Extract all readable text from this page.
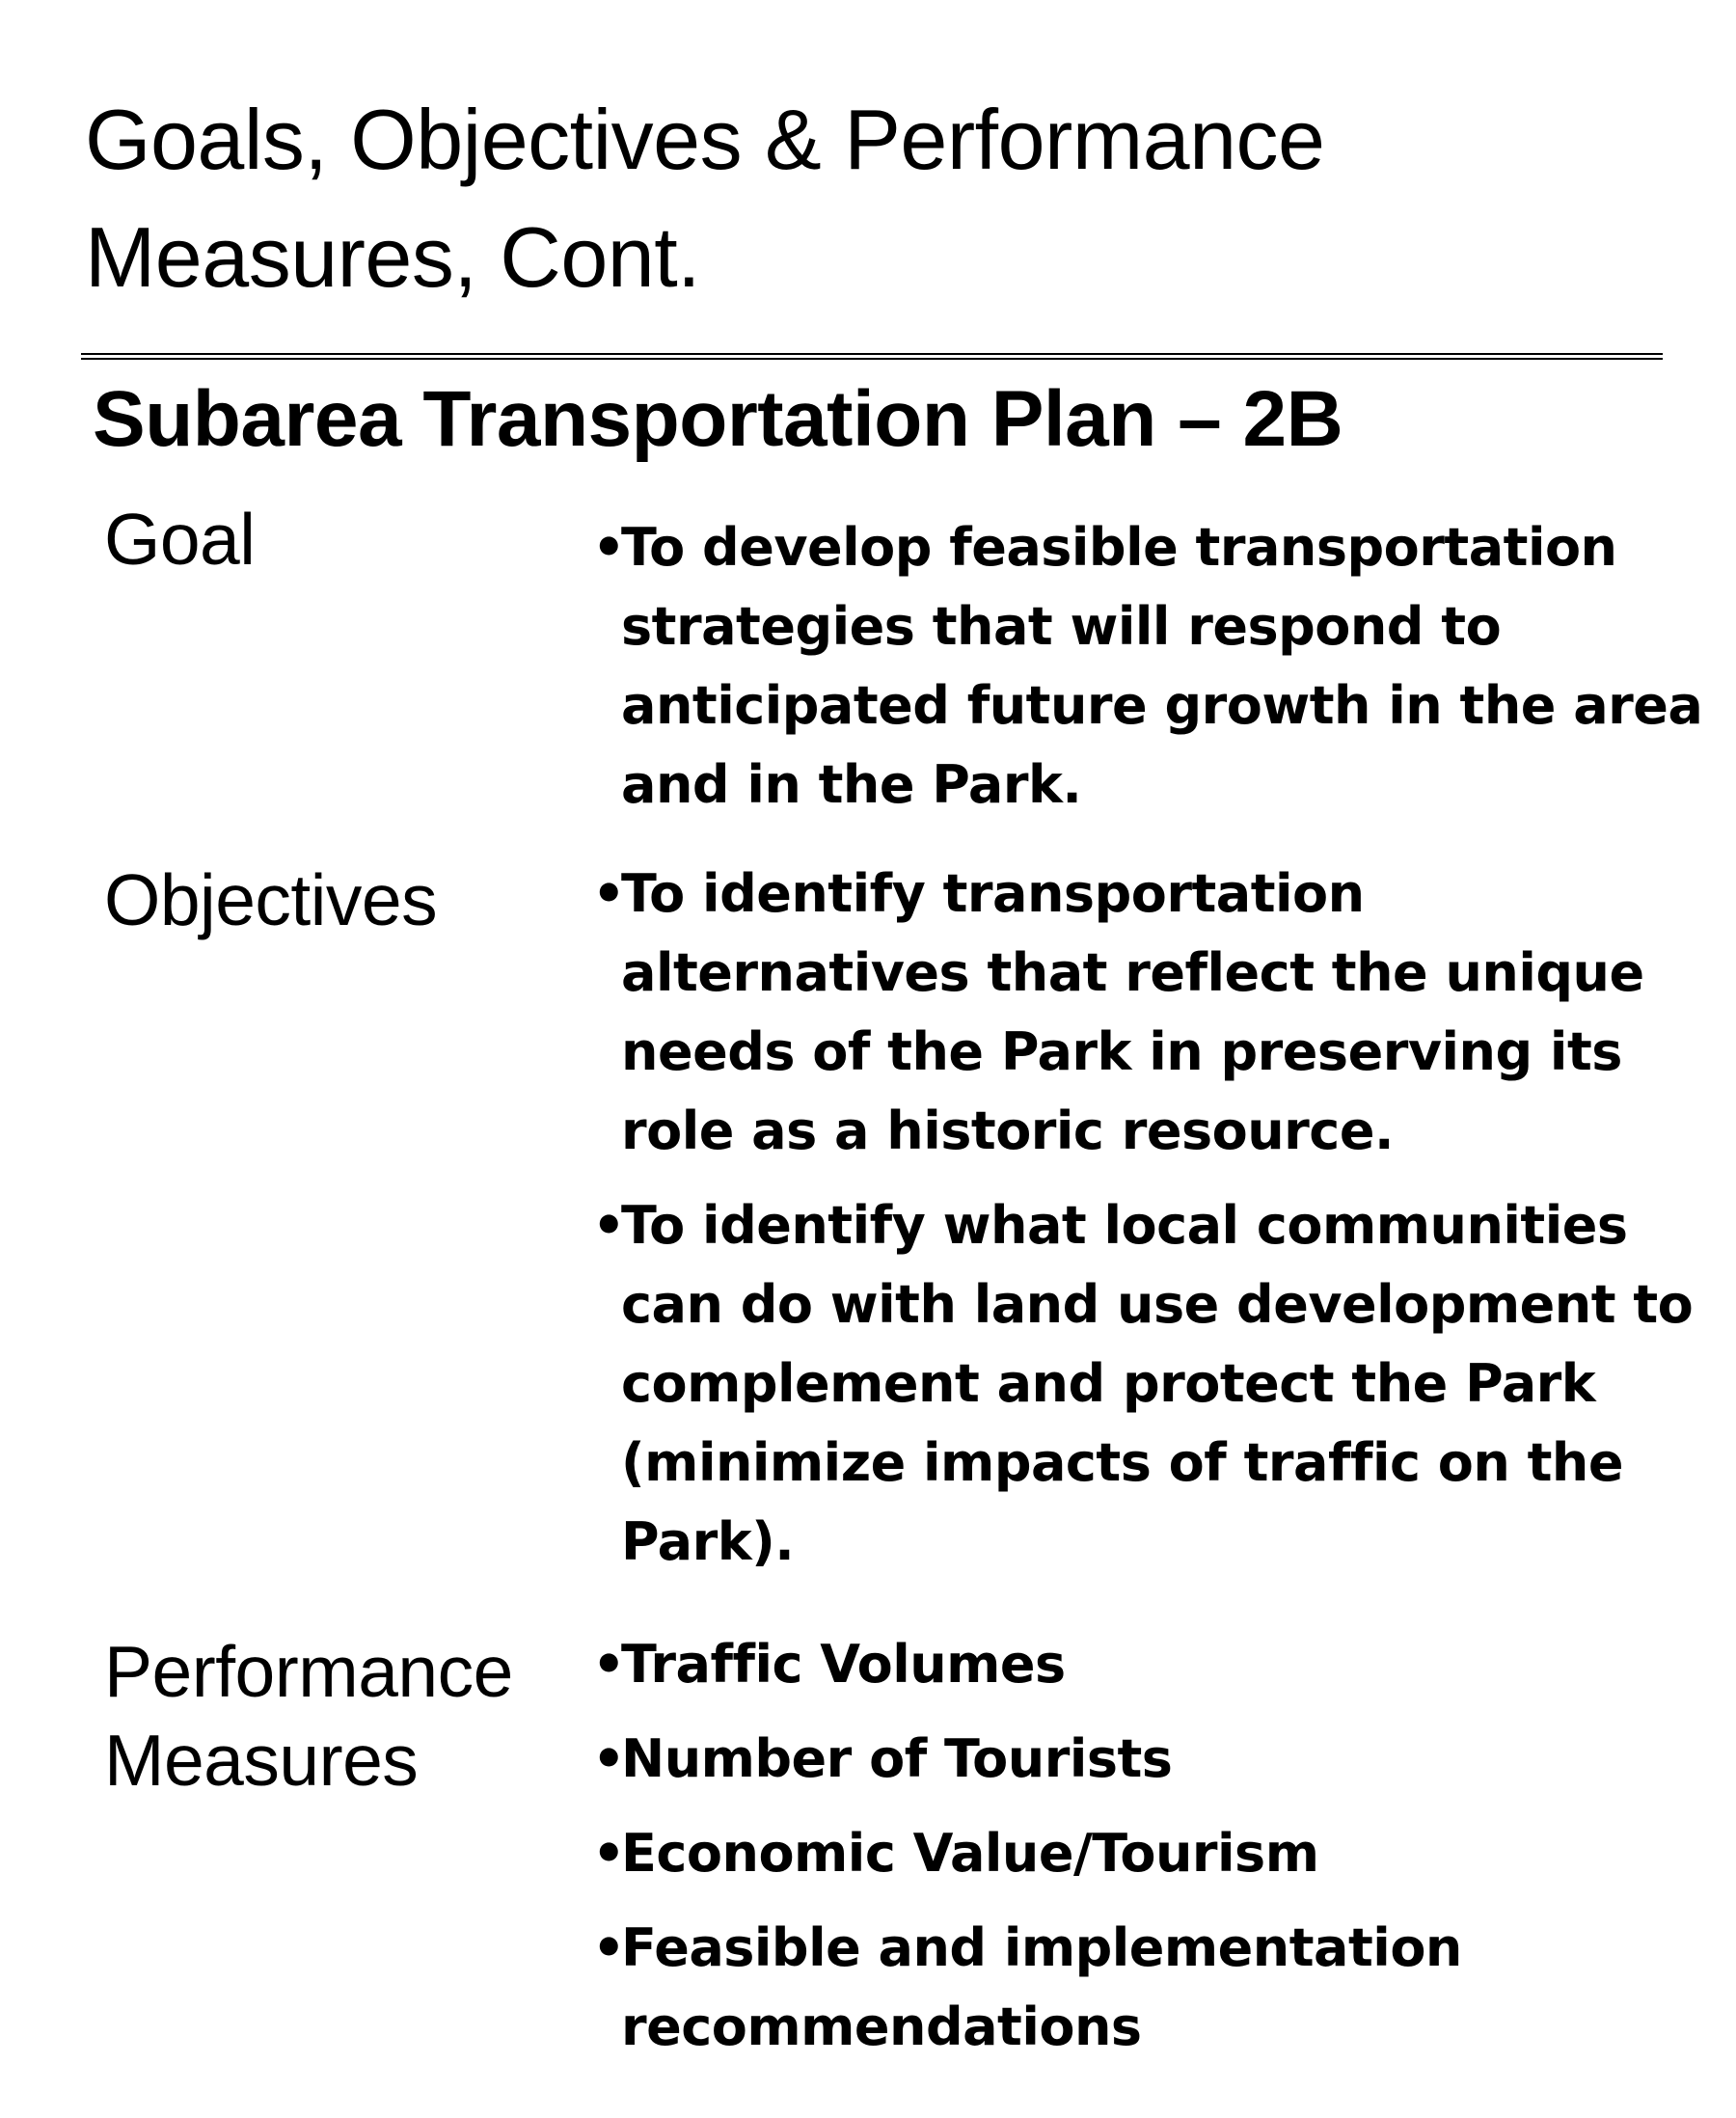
Goals, Objectives & Performance
Measures, Cont.
Subarea Transportation Plan – 2B
Goal	•
To develop feasible transportation strategies that will respond to anticipated future growth in the area and in the Park.
Objectives	•
To identify transportation alternatives that reflect the unique needs of the Park in preserving its role as a historic resource.
•
To identify what local communities can do with land use development to complement and protect the Park (minimize impacts of traffic on the Park).
Performance
Measures
•
Traffic Volumes
•
Number of Tourists
•
Economic Value/Tourism
•
Feasible and implementation recommendations
